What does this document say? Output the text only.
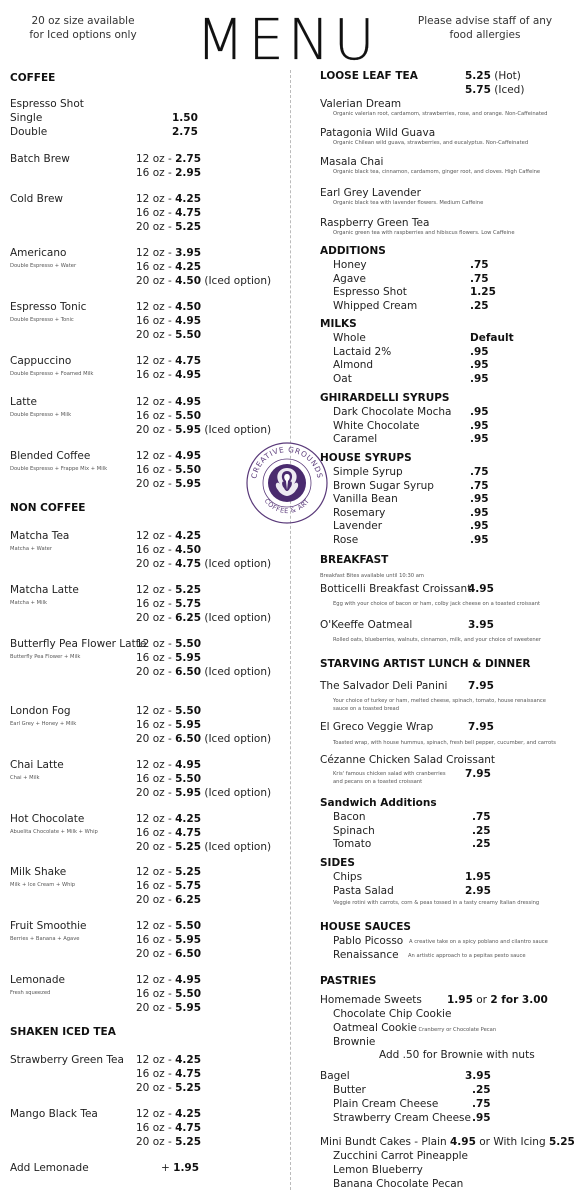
20 oz size available
for Iced options only	MENU	Please advise staff of any
food allergies
CREATIVE GROUNDS
COFFEE & ART
COFFEE
Espresso Shot
Single	1.50
Double	2.75
Batch Brew	12 oz - 2.75
16 oz - 2.95
Cold Brew	12 oz - 4.25
16 oz - 4.75
20 oz - 5.25
Americano
Double Espresso + Water
12 oz - 3.95
16 oz - 4.25
20 oz - 4.50 (Iced option)
Espresso Tonic
Double Espresso + Tonic
12 oz - 4.50
16 oz - 4.95
20 oz - 5.50
Cappuccino
Double Espresso + Foamed Milk
12 oz - 4.75
16 oz - 4.95
Latte
Double Espresso + Milk
12 oz - 4.95
16 oz - 5.50
20 oz - 5.95 (Iced option)
Blended Coffee
Double Espresso + Frappe Mix + Milk
12 oz - 4.95
16 oz - 5.50
20 oz - 5.95
NON COFFEE
Matcha Tea
Matcha + Water
12 oz - 4.25
16 oz - 4.50
20 oz - 4.75 (Iced option)
Matcha Latte
Matcha + Milk
12 oz - 5.25
16 oz - 5.75
20 oz - 6.25 (Iced option)
Butterfly Pea Flower Latte
Butterfly Pea Flower + Milk
12 oz - 5.50
16 oz - 5.95
20 oz - 6.50 (Iced option)
London Fog
Earl Grey + Honey + Milk
12 oz - 5.50
16 oz - 5.95
20 oz - 6.50 (Iced option)
Chai Latte
Chai + Milk
12 oz - 4.95
16 oz - 5.50
20 oz - 5.95 (Iced option)
Hot Chocolate
Abuelita Chocolate + Milk + Whip
12 oz - 4.25
16 oz - 4.75
20 oz - 5.25 (Iced option)
Milk Shake
Milk + Ice Cream + Whip
12 oz - 5.25
16 oz - 5.75
20 oz - 6.25
Fruit Smoothie
Berries + Banana + Agave
12 oz - 5.50
16 oz - 5.95
20 oz - 6.50
Lemonade
Fresh squeezed
12 oz - 4.95
16 oz - 5.50
20 oz - 5.95
SHAKEN ICED TEA
Strawberry Green Tea 12 oz - 4.25
16 oz - 4.75
20 oz - 5.25
Mango Black Tea	12 oz - 4.25
16 oz - 4.75
20 oz - 5.25
Add Lemonade	+ 1.95
LOOSE LEAF TEA	5.25 (Hot)
5.75 (Iced)
Valerian Dream
Organic valerian root, cardamom, strawberries, rose, and orange. Non-Caffeinated
Patagonia Wild Guava
Organic Chilean wild guava, strawberries, and eucalyptus. Non-Caffeinated
Masala Chai
Organic black tea, cinnamon, cardamom, ginger root, and cloves. High Caffeine
Earl Grey Lavender
Organic black tea with lavender flowers. Medium Caffeine
Raspberry Green Tea
Organic green tea with raspberries and hibiscus flowers. Low Caffeine
ADDITIONS
Honey	.75
Agave	.75
Espresso Shot	1.25
Whipped Cream	.25
MILKS
Whole	Default
Lactaid 2%	.95
Almond	.95
Oat	.95
GHIRARDELLI SYRUPS
Dark Chocolate Mocha .95
White Chocolate	.95
Caramel	.95
HOUSE SYRUPS
Simple Syrup	.75
Brown Sugar Syrup	.75
Vanilla Bean	.95
Rosemary	.95
Lavender	.95
Rose	.95
BREAKFAST
Breakfast Bites available until 10:30 am
Botticelli Breakfast Croissant
4.95
Egg with your choice of bacon or ham, colby jack cheese on a toasted croissant
O'Keeffe Oatmeal	3.95
Rolled oats, blueberries, walnuts, cinnamon, milk, and your choice of sweetener
STARVING ARTIST LUNCH & DINNER
The Salvador Deli Panini 7.95
Your choice of turkey or ham, melted cheese, spinach, tomato, house renaissance
sauce on a toasted bread
El Greco Veggie Wrap	7.95
Toasted wrap, with house hummus, spinach, fresh bell pepper, cucumber, and carrots
Cézanne Chicken Salad Croissant
Kris' famous chicken salad with cranberries
and pecans on a toasted croissant
7.95
Sandwich Additions
Bacon	.75
Spinach	.25
Tomato	.25
SIDES
Chips	1.95
Pasta Salad	2.95
Veggie rotini with carrots, corn & peas tossed in a tasty creamy Italian dressing
HOUSE SAUCES
Pablo Picosso A creative take on a spicy poblano and cilantro sauce
Renaissance An artistic approach to a pepitas pesto sauce
PASTRIES
Homemade Sweets 1.95 or 2 for 3.00
Chocolate Chip Cookie
Oatmeal Cookie Cranberry or Chocolate Pecan
Brownie
Add .50 for Brownie with nuts
Bagel	3.95
Butter	.25
Plain Cream Cheese	.75
Strawberry Cream Cheese .95
Mini Bundt Cakes - Plain 4.95 or With Icing 5.25
Zucchini Carrot Pineapple
Lemon Blueberry
Banana Chocolate Pecan
